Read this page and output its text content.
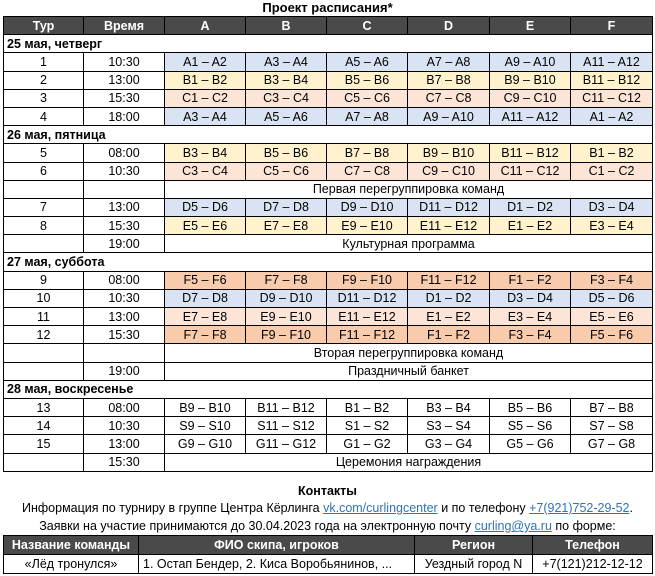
Проект расписания*
Тур	Время	A	B	C	D	E	F
25 мая, четверг							
1	10:30	A1 – A2	A3 – A4	A5 – A6	A7 – A8	A9 – A10	A11 – A12
2	13:00	B1 – B2	B3 – B4	B5 – B6	B7 – B8	B9 – B10	B11 – B12
3	15:30	C1 – C2	C3 – C4	C5 – C6	C7 – C8	C9 – C10	C11 – C12
4	18:00	A3 – A4	A5 – A6	A7 – A8	A9 – A10	A11 – A12	A1 – A2
26 мая, пятница							
5	08:00	B3 – B4	B5 – B6	B7 – B8	B9 – B10	B11 – B12	B1 – B2
6	10:30	C3 – C4	C5 – C6	C7 – C8	C9 – C10	C11 – C12	C1 – C2
		Первая перегруппировка команд					
7	13:00	D5 – D6	D7 – D8	D9 – D10	D11 – D12	D1 – D2	D3 – D4
8	15:30	E5 – E6	E7 – E8	E9 – E10	E11 – E12	E1 – E2	E3 – E4
	19:00	Культурная программа					
27 мая, суббота							
9	08:00	F5 – F6	F7 – F8	F9 – F10	F11 – F12	F1 – F2	F3 – F4
10	10:30	D7 – D8	D9 – D10	D11 – D12	D1 – D2	D3 – D4	D5 – D6
11	13:00	E7 – E8	E9 – E10	E11 – E12	E1 – E2	E3 – E4	E5 – E6
12	15:30	F7 – F8	F9 – F10	F11 – F12	F1 – F2	F3 – F4	F5 – F6
		Вторая перегруппировка команд					
	19:00	Праздничный банкет					
28 мая, воскресенье							
13	08:00	B9 – B10	B11 – B12	B1 – B2	B3 – B4	B5 – B6	B7 – B8
14	10:30	S9 – S10	S11 – S12	S1 – S2	S3 – S4	S5 – S6	S7 – S8
15	13:00	G9 – G10	G11 – G12	G1 – G2	G3 – G4	G5 – G6	G7 – G8
	15:30	Церемония награждения					
Контакты
Информация по турниру в группе Центра Кёрлинга vk.com/curlingcenter и по телефону +7(921)752-29-52.
Заявки на участие принимаются до 30.04.2023 года на электронную почту curling@ya.ru по форме:
Название команды	ФИО скипа, игроков	Регион	Телефон
«Лёд тронулся»	1. Остап Бендер, 2. Киса Воробьянинов, ...	Уездный город N	+7(121)212-12-12
